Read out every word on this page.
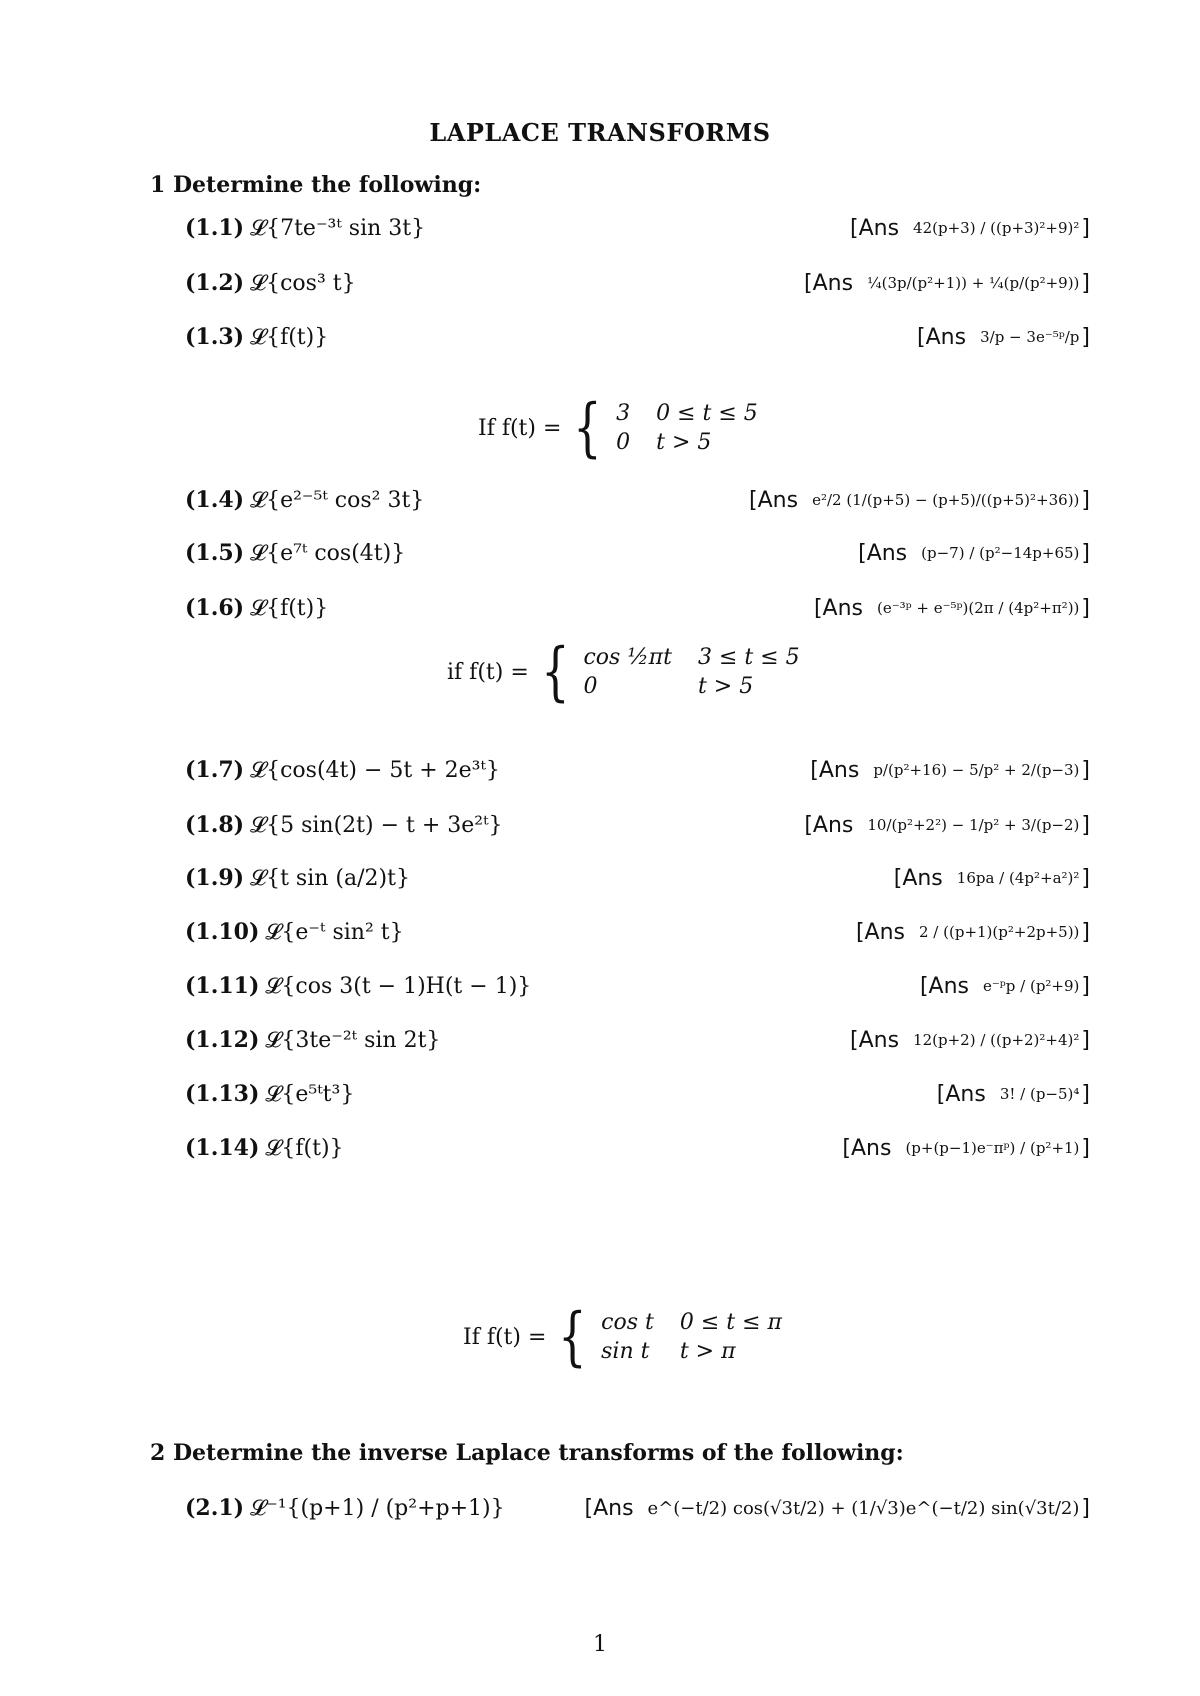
LAPLACE TRANSFORMS
1 Determine the following:
(1.1) 𝓛{7te⁻³ᵗ sin 3t}	[Ans 42(p+3) / ((p+3)²+9)² ]
(1.2) 𝓛{cos³ t}	[Ans ¼(3p/(p²+1)) + ¼(p/(p²+9)) ]
(1.3) 𝓛{f(t)}	[Ans 3/p − 3e⁻⁵ᵖ/p ]
If f(t) = { 3 0 ≤ t ≤ 5
0 t > 5
(1.4) 𝓛{e²⁻⁵ᵗ cos² 3t}	[Ans e²/2 (1/(p+5) − (p+5)/((p+5)²+36)) ]
(1.5) 𝓛{e⁷ᵗ cos(4t)}	[Ans (p−7) / (p²−14p+65) ]
(1.6) 𝓛{f(t)}	[Ans (e⁻³ᵖ + e⁻⁵ᵖ)(2π / (4p²+π²)) ]
if f(t) = { cos ½πt 3 ≤ t ≤ 5
0	t > 5
(1.7) 𝓛{cos(4t) − 5t + 2e³ᵗ}	[Ans p/(p²+16) − 5/p² + 2/(p−3) ]
(1.8) 𝓛{5 sin(2t) − t + 3e²ᵗ}	[Ans 10/(p²+2²) − 1/p² + 3/(p−2) ]
(1.9) 𝓛{t sin (a/2)t}	[Ans 16pa / (4p²+a²)² ]
(1.10) 𝓛{e⁻ᵗ sin² t}	[Ans 2 / ((p+1)(p²+2p+5)) ]
(1.11) 𝓛{cos 3(t − 1)H(t − 1)}	[Ans e⁻ᵖp / (p²+9) ]
(1.12) 𝓛{3te⁻²ᵗ sin 2t}	[Ans 12(p+2) / ((p+2)²+4)² ]
(1.13) 𝓛{e⁵ᵗt³}	[Ans 3! / (p−5)⁴ ]
(1.14) 𝓛{f(t)}	[Ans (p+(p−1)e⁻πᵖ) / (p²+1) ]
If f(t) = { cos t 0 ≤ t ≤ π
sin t t > π
2 Determine the inverse Laplace transforms of the following:
(2.1) 𝓛⁻¹{(p+1) / (p²+p+1)}	[Ans e^(−t/2) cos(√3t/2) + (1/√3)e^(−t/2) sin(√3t/2) ]
1
